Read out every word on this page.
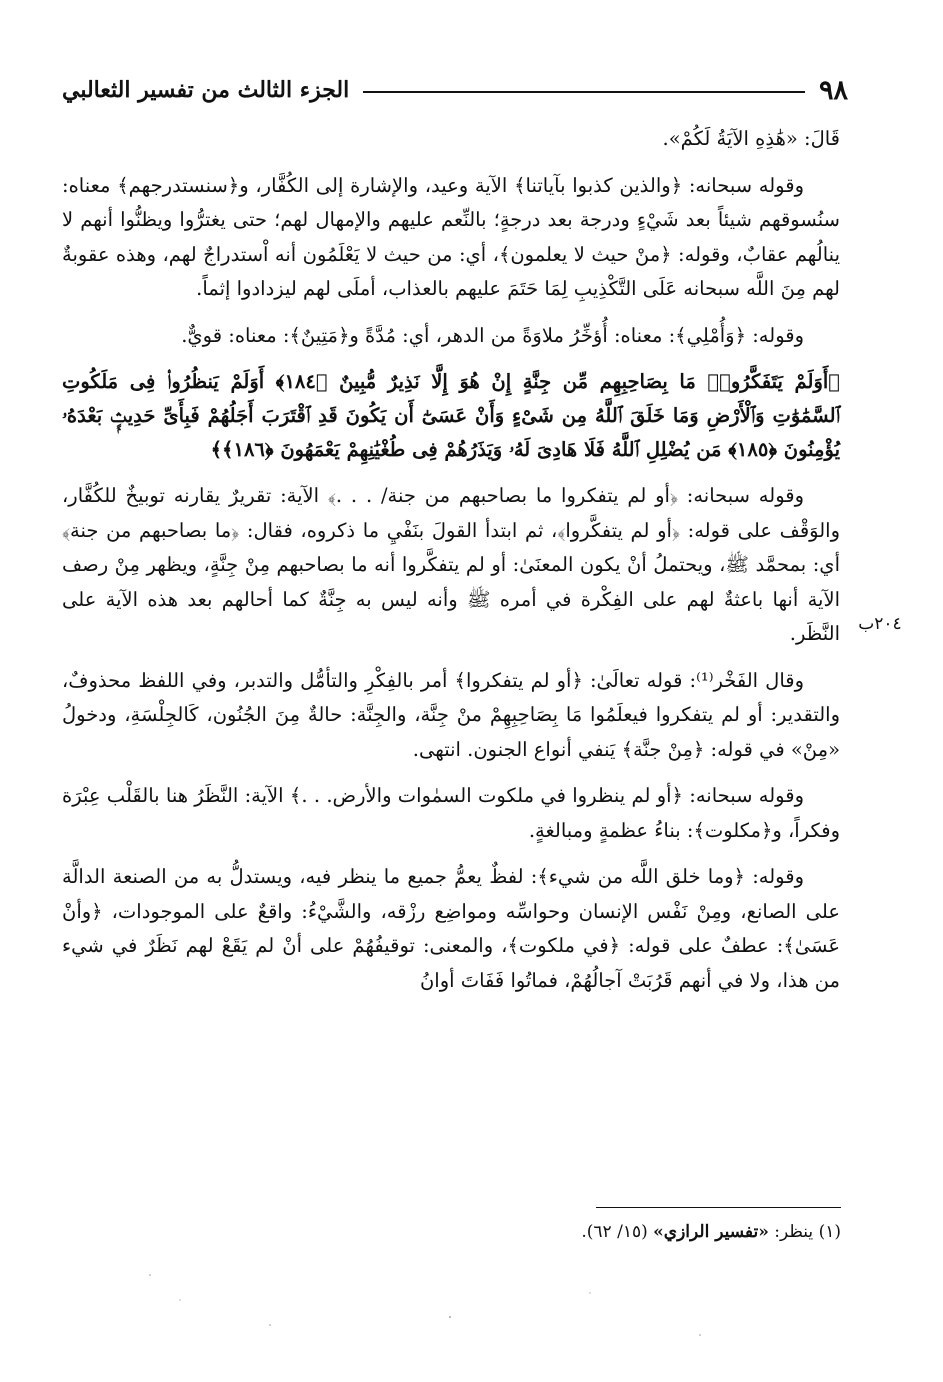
٩٨
الجزء الثالث من تفسير الثعالبي
٢٠٤ب

قَالَ: «هَٰذِهِ الآيَةُ لَكُمْ».

وقوله سبحانه: ﴿والذين كذبوا بآياتنا﴾ الآية وعيد، والإشارة إلى الكُفَّار، و﴿سنستدرجهم﴾ معناه: سنُسوقهم شيئاً بعد شَيْءٍ ودرجة بعد درجةٍ؛ بالنِّعم عليهم والإمهال لهم؛ حتى يغترُّوا ويظنُّوا أنهم لا ينالُهم عقابٌ، وقوله: ﴿منْ حيث لا يعلمون﴾، أي: من حيث لا يَعْلَمُون أنه اْستدراجٌ لهم، وهذه عقوبةٌ لهم مِنَ اللَّه سبحانه عَلَى التَّكْذِيبِ لِمَا حَتَمَ عليهم بالعذاب، أملَى لهم ليزدادوا إثماً.

وقوله: ﴿وَأُمْلِي﴾: معناه: أُؤخِّرُ ملاوَةً من الدهر، أي: مُدَّةً و﴿مَتِينٌ﴾: معناه: قويٌّ.

﴿أَوَلَمْ يَتَفَكَّرُوا۟ مَا بِصَاحِبِهِم مِّن جِنَّةٍ إِنْ هُوَ إِلَّا نَذِيرٌ مُّبِينٌ ﴿١٨٤﴾ أَوَلَمْ يَنظُرُوا۟ فِى مَلَكُوتِ ٱلسَّمَٰوَٰتِ وَٱلْأَرْضِ وَمَا خَلَقَ ٱللَّهُ مِن شَىْءٍ وَأَنْ عَسَىٰٓ أَن يَكُونَ قَدِ ٱقْتَرَبَ أَجَلُهُمْ فَبِأَىِّ حَدِيثٍۭ بَعْدَهُۥ يُؤْمِنُونَ ﴿١٨٥﴾ مَن يُضْلِلِ ٱللَّهُ فَلَا هَادِىَ لَهُۥ وَيَذَرُهُمْ فِى طُغْيَٰنِهِمْ يَعْمَهُونَ ﴿١٨٦﴾﴾

وقوله سبحانه: ﴿أو لم يتفكروا ما بصاحبهم من جنة/ . . .﴾ الآية: تقريرٌ يقارنه توبيخٌ للكُفَّار، والوَقْف على قوله: ﴿أو لم يتفكَّروا﴾، ثم ابتدأ القولَ بنَفْيِ ما ذكروه، فقال: ﴿ما بصاحبهم من جنة﴾ أي: بمحمَّد ﷺ، ويحتملُ أنْ يكون المعنَىٰ: أو لم يتفكَّروا أنه ما بصاحبهم مِنْ جِنَّةٍ، ويظهر مِنْ رصف الآية أنها باعثةٌ لهم على الفِكْرة في أمره ﷺ وأنه ليس به جِنَّةٌ كما أحالهم بعد هذه الآية على النَّظَر.

وقال الفَخْر⁽¹⁾: قوله تعالَىٰ: ﴿أو لم يتفكروا﴾ أمر بالفِكْرِ والتأمُّل والتدبر، وفي اللفظ محذوفٌ، والتقدير: أو لم يتفكروا فيعلَمُوا مَا بِصَاحِبِهِمْ منْ جِنَّة، والجِنَّة: حالةٌ مِنَ الجُنُون، كَالجِلْسَةِ، ودخولُ «مِنْ» في قوله: ﴿مِنْ جنَّة﴾ يَنفي أنواع الجنون. انتهى.

وقوله سبحانه: ﴿أو لم ينظروا في ملكوت السمٰوات والأرض. . .﴾ الآية: النَّظَرُ هنا بالقَلْب عِبْرَة وفكراً، و﴿مكلوت﴾: بناءُ عظمةٍ ومبالغةٍ.

وقوله: ﴿وما خلق اللَّه من شيء﴾: لفظٌ يعمُّ جميع ما ينظر فيه، ويستدلُّ به من الصنعة الدالَّة على الصانع، ومِنْ نَفْس الإنسان وحواسِّه ومواضِع رزْقه، والشَّيْءُ: واقعٌ على الموجودات، ﴿وأنْ عَسَىٰ﴾: عطفٌ على قوله: ﴿في ملكوت﴾، والمعنى: توقيفُهُمْ على أنْ لم يَقَعْ لهم نَظَرٌ في شيء من هذا، ولا في أنهم قَرُبَتْ آجالُهُمْ، فماتُوا فَفَاتَ أوانُ

(١) ينظر: «تفسير الرازي» (١٥/ ٦٢).
